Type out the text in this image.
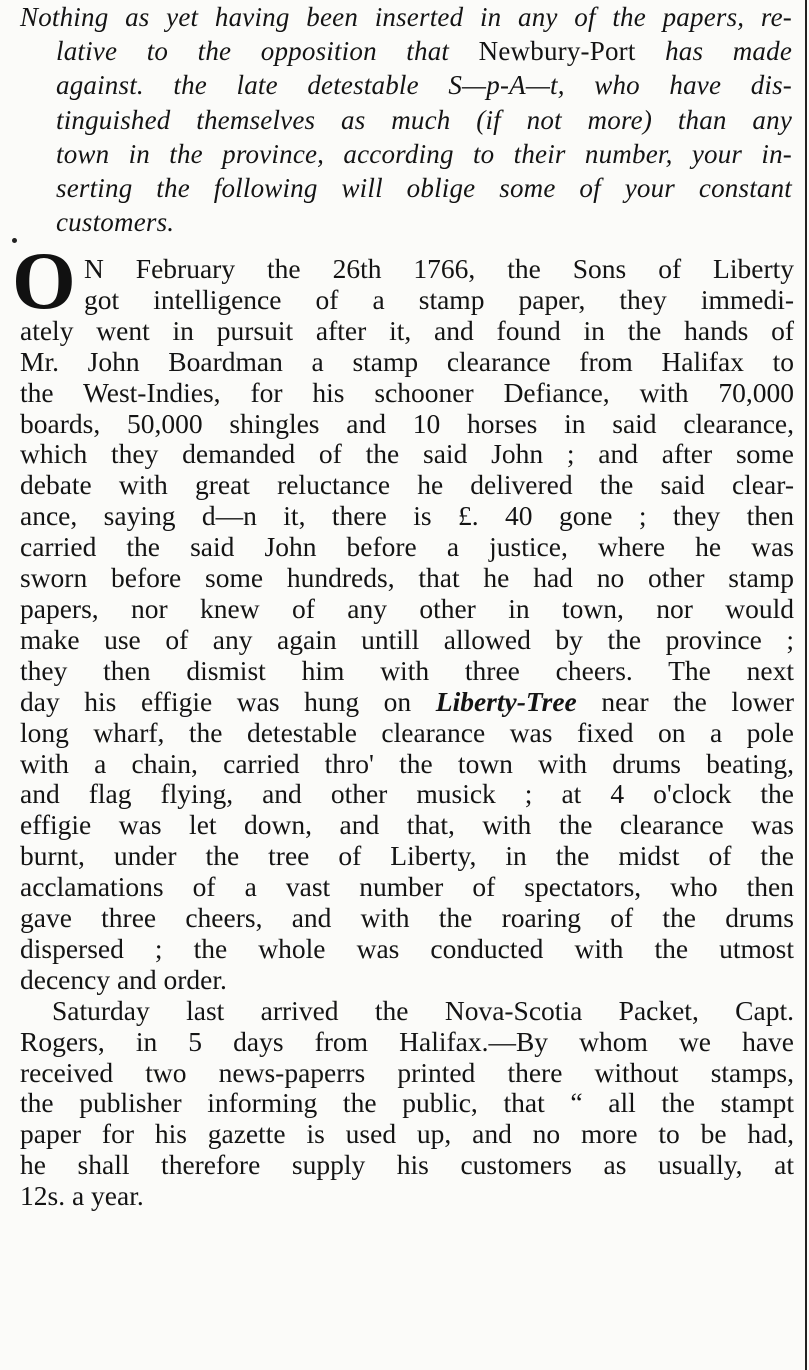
Nothing as yet having been inserted in any of the papers, re-
lative to the opposition that Newbury-Port has made
against. the late detestable S—p-A—t, who have dis-
tinguished themselves as much (if not more) than any
town in the province, according to their number, your in-
serting the following will oblige some of your constant
customers.
O N February the 26th 1766, the Sons of Liberty
got intelligence of a stamp paper, they immedi-
ately went in pursuit after it, and found in the hands of
Mr. John Boardman a stamp clearance from Halifax to
the West-Indies, for his schooner Defiance, with 70,000
boards, 50,000 shingles and 10 horses in said clearance,
which they demanded of the said John ; and after some
debate with great reluctance he delivered the said clear-
ance, saying d—n it, there is £. 40 gone ; they then
carried the said John before a justice, where he was
sworn before some hundreds, that he had no other stamp
papers, nor knew of any other in town, nor would
make use of any again untill allowed by the province ;
they then dismist him with three cheers. The next
day his effigie was hung on Liberty-Tree near the lower
long wharf, the detestable clearance was fixed on a pole
with a chain, carried thro' the town with drums beating,
and flag flying, and other musick ; at 4 o'clock the
effigie was let down, and that, with the clearance was
burnt, under the tree of Liberty, in the midst of the
acclamations of a vast number of spectators, who then
gave three cheers, and with the roaring of the drums
dispersed ; the whole was conducted with the utmost
decency and order.
Saturday last arrived the Nova-Scotia Packet, Capt.
Rogers, in 5 days from Halifax.—By whom we have
received two news-paperrs printed there without stamps,
the publisher informing the public, that “ all the stampt
paper for his gazette is used up, and no more to be had,
he shall therefore supply his customers as usually, at
12s. a year.
